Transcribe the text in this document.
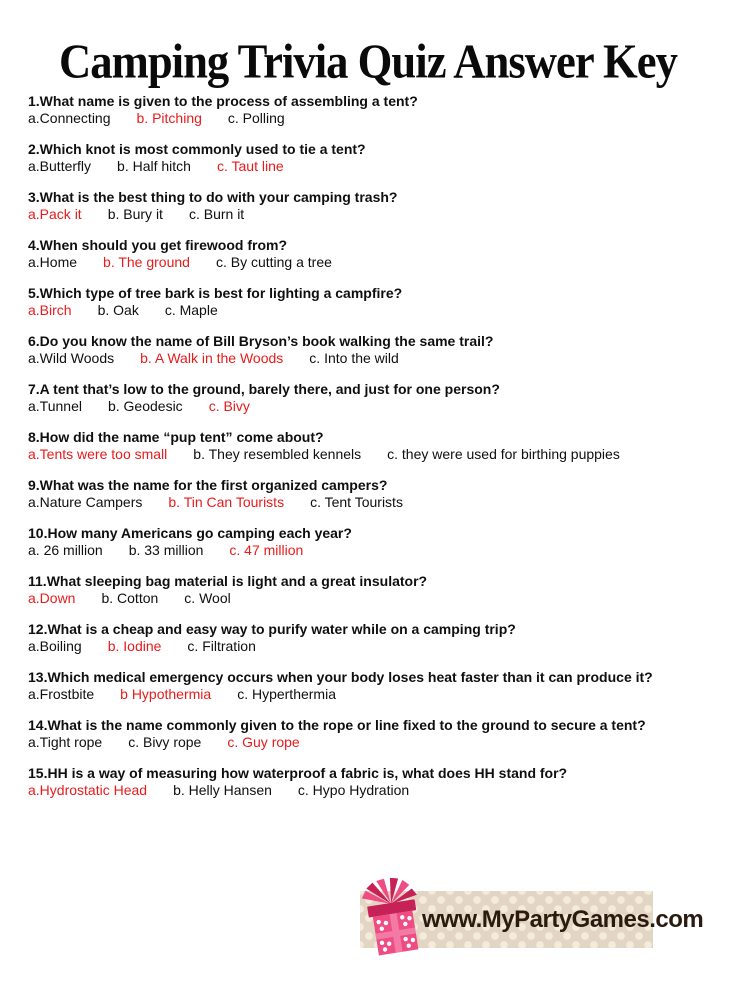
Camping Trivia Quiz Answer Key
1.What name is given to the process of assembling a tent?
a.Connecting b. Pitching c. Polling
2.Which knot is most commonly used to tie a tent?
a.Butterfly b. Half hitch c. Taut line
3.What is the best thing to do with your camping trash?
a.Pack it b. Bury it c. Burn it
4.When should you get firewood from?
a.Home b. The ground c. By cutting a tree
5.Which type of tree bark is best for lighting a campfire?
a.Birch b. Oak c. Maple
6.Do you know the name of Bill Bryson’s book walking the same trail?
a.Wild Woods b. A Walk in the Woods c. Into the wild
7.A tent that’s low to the ground, barely there, and just for one person?
a.Tunnel b. Geodesic c. Bivy
8.How did the name “pup tent” come about?
a.Tents were too small b. They resembled kennels c. they were used for birthing puppies
9.What was the name for the first organized campers?
a.Nature Campers b. Tin Can Tourists c. Tent Tourists
10.How many Americans go camping each year?
a. 26 million b. 33 million c. 47 million
11.What sleeping bag material is light and a great insulator?
a.Down b. Cotton c. Wool
12.What is a cheap and easy way to purify water while on a camping trip?
a.Boiling b. Iodine c. Filtration
13.Which medical emergency occurs when your body loses heat faster than it can produce it?
a.Frostbite b Hypothermia c. Hyperthermia
14.What is the name commonly given to the rope or line fixed to the ground to secure a tent?
a.Tight rope c. Bivy rope c. Guy rope
15.HH is a way of measuring how waterproof a fabric is, what does HH stand for?
a.Hydrostatic Head b. Helly Hansen c. Hypo Hydration
www.MyPartyGames.com
